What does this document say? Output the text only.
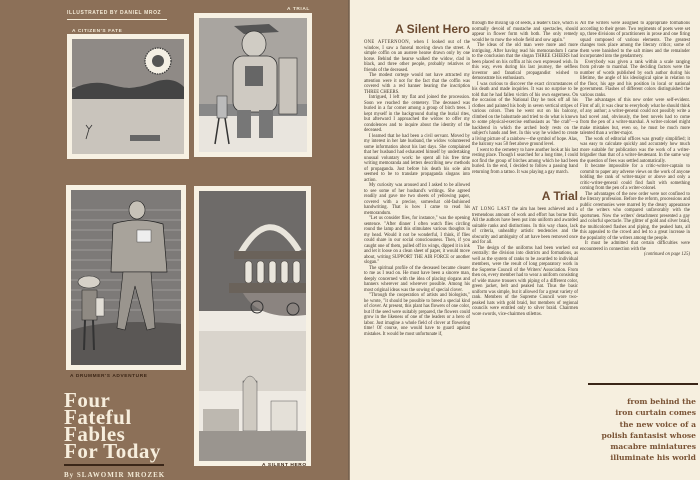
ILLUSTRATED BY DANIEL MROZ
A CITIZEN'S FATE
A TRIAL
A DRUMMER'S ADVENTURE
A SILENT HERO
Four Fateful
Fables
For Today
By SLAWOMIR MROZEK
A Silent Hero

ONE AFTERNOON, when I looked out of the window, I saw a funeral moving down the street. A simple coffin on an austere hearse drawn only by one horse. Behind the hearse walked the widow, clad in black, and three other people, probably relatives or friends of the deceased.

The modest cortege would not have attracted my attention were it not for the fact that the coffin was covered with a red banner bearing the inscription THREE CHEERS.

Intrigued, I left my flat and joined the procession. Soon we reached the cemetery. The deceased was buried in a far corner among a group of birch trees. I kept myself in the background during the burial rites, but afterward I approached the widow to offer my condolences and to inquire about the identity of the deceased.

I learned that he had been a civil servant. Moved by my interest in her late husband, the widow volunteered some information about his last days. She complained that her husband had exhausted himself by undertaking unusual voluntary work: he spent all his free time writing memoranda and letters describing new methods of propaganda. Just before his death his sole aim seemed to be to translate propaganda slogans into action.

My curiosity was aroused and I asked to be allowed to see some of her husband's writings. She agreed readily and gave me two sheets of yellowing paper, covered with a precise, somewhat old-fashioned handwriting. That is how I came to read his memorandum.

"Let us consider flies, for instance," was the opening sentence. "After dinner I often watch flies circling round the lamp and this stimulates various thoughts in my head. Would it not be wonderful, I think, if flies could share in our social consciousness. Then, if you caught one of them, pulled off its wings, dipped it in ink and let it loose on a clean sheet of paper, it would move about, writing SUPPORT THE AIR FORCE or another slogan."

The spiritual profile of the deceased became clearer to me as I read on. He must have been a sincere man, deeply concerned with the idea of placing slogans and banners wherever and wherever possible. Among his most original ideas was the sowing of special clover.

"Through the cooperation of artists and biologists," he wrote, "it should be possible to breed a special kind of clover. At present, this plant has flowers of one color, but if the seed were suitably prepared, the flowers could grow in the likeness of one of the leaders or a hero of labor. Just imagine a whole field of clover at flowering time! Of course, one would have to guard against mistakes. It would be most unfortunate if,

through the mixing up of seeds, a leader's face, which is normally devoid of mustache and spectacles, should appear in flower form with both. The only remedy would be to mow the whole field and sow again."

The ideas of the old man were more and more intriguing. After having read his memorandum I came to the conclusion that the slogan THREE CHEERS had been placed on his coffin at his own expressed wish. In this way, even during his last journey, the selfless inventor and fanatical propagandist wished to demonstrate his enthusiasm.

I was curious to discover the exact circumstances of his death and made inquiries. It was no surprise to be told that he had fallen victim of his own eagerness. On the occasion of the National Day he took off all his clothes and painted his body in seven vertical stripes of various colors. Then he went out on his balcony, climbed on the balustrade and tried to do what is known to some physical-exercise enthusiasts as "the crab"—a backbend in which the arched body rests on the subject's hands and feet. In this way he wished to create a living picture of a rainbow—the symbol of hope. Alas, the balcony was 50 feet above ground level.

I went to the cemetery to have another look at his last resting place. Though I searched for a long time, I could not find the group of birches among which he had been buried. In the end, I decided to follow a passing band returning from a tattoo. It was playing a gay march.

A Trial

AT LONG LAST the aim has been achieved and a tremendous amount of work and effort has borne fruit. All the authors have been put into uniform and awarded suitable ranks and distinctions. In this way chaos, lack of criteria, unhealthy artistic tendencies and the obscurity and ambiguity of art have been removed once and for all.

The design of the uniforms had been worked out centrally: the division into districts and formations, as well as the system of ranks to be awarded to individual members, were the result of long preparatory work in the Supreme Council of the Writers' Association. From then on, every member had to wear a uniform consisting of wide mauve trousers with piping of a different color, green jacket, belt and peaked hat. Thus the basic uniform was simple, but it allowed for a great variety of rank. Members of the Supreme Council wore two-peaked hats with gold braid, but members of regional councils were entitled only to silver braid. Chairmen wore swords, vice-chairmen stilettos.

All the writers were assigned to appropriate formations according to their genre. Two regiments of poets were set up, three divisions of practitioners in prose and one firing squad composed of various elements. The greatest changes took place among the literary critics; some of them were banished to the salt mines and the remainder incorporated into the gendarmery.

Everybody was given a rank within a scale ranging from private to marshal. The deciding factors were the number of words published by each author during his lifetime, the angle of his ideological spine in relation to the floor, his age and his position in local or national government. Flashes of different colors distinguished the various ranks.

The advantages of this new order were self-evident. First of all, it was clear to everybody what he should think of any author; a writer-general could not possibly write a bad novel and, obviously, the best novels had to come from the pen of a writer-marshal. A writer-colonel might make mistakes but, even so, he must be much more talented than a writer-major.

The work of editorial offices was greatly simplified; it was easy to calculate quickly and accurately how much more suitable for publication was the work of a writer-brigadier than that of a writer-lieutenant. In the same way the question of fees was settled automatically.

It became impossible for a critic-writer-captain to commit to paper any adverse views on the work of anyone holding the rank of writer-major or above and only a critic-writer-general could find fault with something coming from the pen of a writer-colonel.

The advantages of the new order were not confined to the literary profession. Before the reform, processions and public ceremonies were marred by the dreary appearance of the writers who compared unfavorably with the sportsmen. Now the writers' detachment presented a gay and colorful spectacle. The glitter of gold and silver braid, the multicolored flashes and piping, the peaked hats, all this appealed to the crowd and led to a great increase in the popularity of the writers among the people.

It must be admitted that certain difficulties were encountered in connection with the
(continued on page 125)

from behind the
iron curtain comes
the new voice of a
polish fantasist whose
macabre miniatures
illuminate his world
